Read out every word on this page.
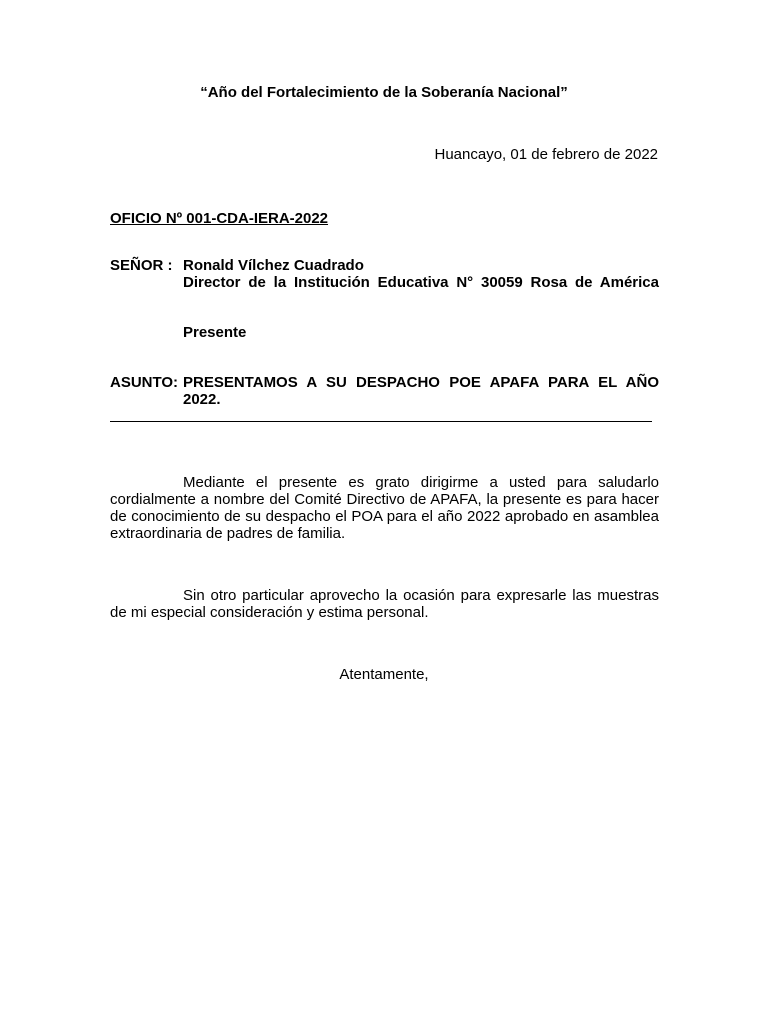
“Año del Fortalecimiento de la Soberanía Nacional”
Huancayo, 01 de febrero de 2022
OFICIO Nº 001-CDA-IERA-2022
SEÑOR : Ronald Vílchez Cuadrado
Director de la Institución Educativa N° 30059 Rosa de América
Presente
ASUNTO: PRESENTAMOS A SU DESPACHO POE APAFA PARA EL AÑO 2022.
Mediante el presente es grato dirigirme a usted para saludarlo cordialmente a nombre del Comité Directivo de APAFA, la presente es para hacer de conocimiento de su despacho el POA para el año 2022 aprobado en asamblea extraordinaria de padres de familia.
Sin otro particular aprovecho la ocasión para expresarle las muestras de mi especial consideración y estima personal.
Atentamente,
